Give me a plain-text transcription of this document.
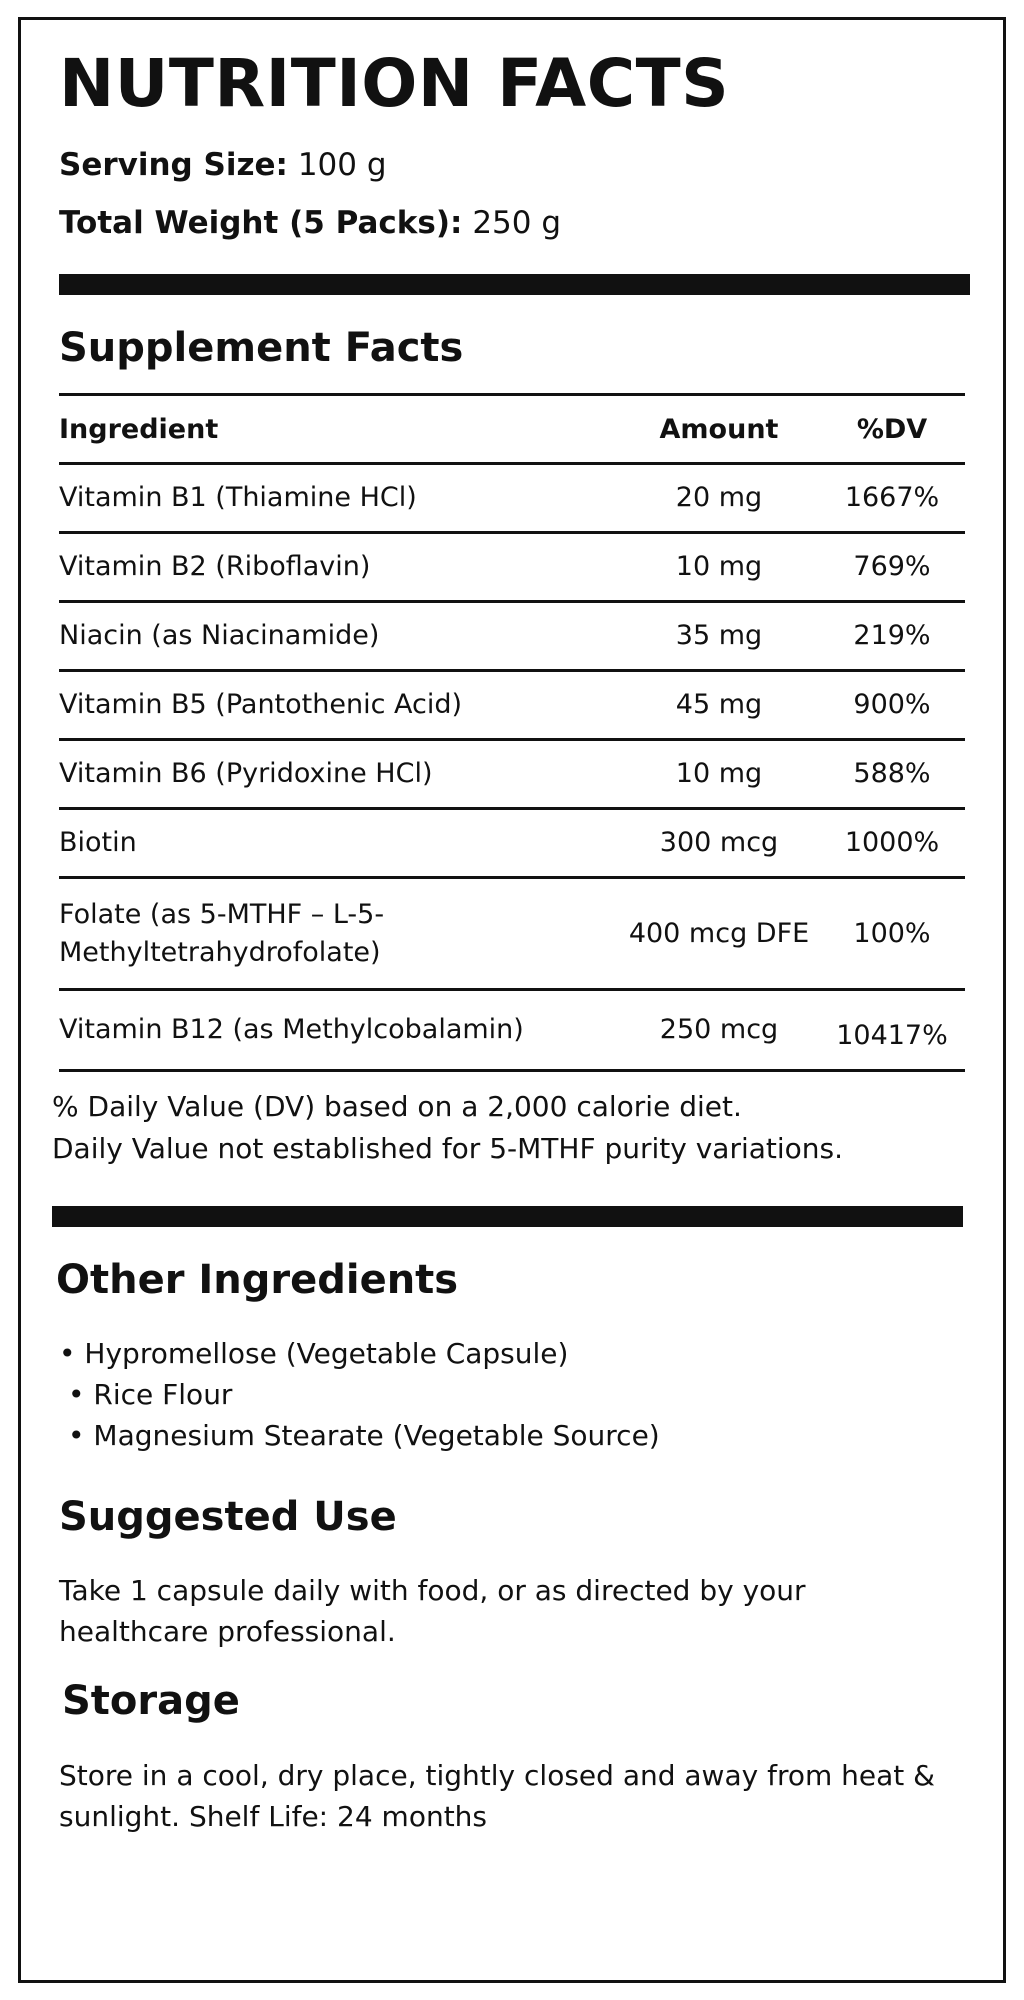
NUTRITION FACTS
Serving Size: 100 g
Total Weight (5 Packs): 250 g
Supplement Facts
Ingredient	Amount	%DV
Vitamin B1 (Thiamine HCl)	20 mg	1667%
Vitamin B2 (Riboflavin)	10 mg	769%
Niacin (as Niacinamide)	35 mg	219%
Vitamin B5 (Pantothenic Acid)	45 mg	900%
Vitamin B6 (Pyridoxine HCl)	10 mg	588%
Biotin	300 mcg	1000%

Folate (as 5-MTHF – L-5-
Methyltetrahydrofolate)	400 mcg DFE	100%
Vitamin B12 (as Methylcobalamin)	250 mcg	10417%
% Daily Value (DV) based on a 2,000 calorie diet.
Daily Value not established for 5-MTHF purity variations.
Other Ingredients
• Hypromellose (Vegetable Capsule)
• Rice Flour
• Magnesium Stearate (Vegetable Source)
Suggested Use
Take 1 capsule daily with food, or as directed by your healthcare professional.
Storage
Store in a cool, dry place, tightly closed and away from heat & sunlight. Shelf Life: 24 months
